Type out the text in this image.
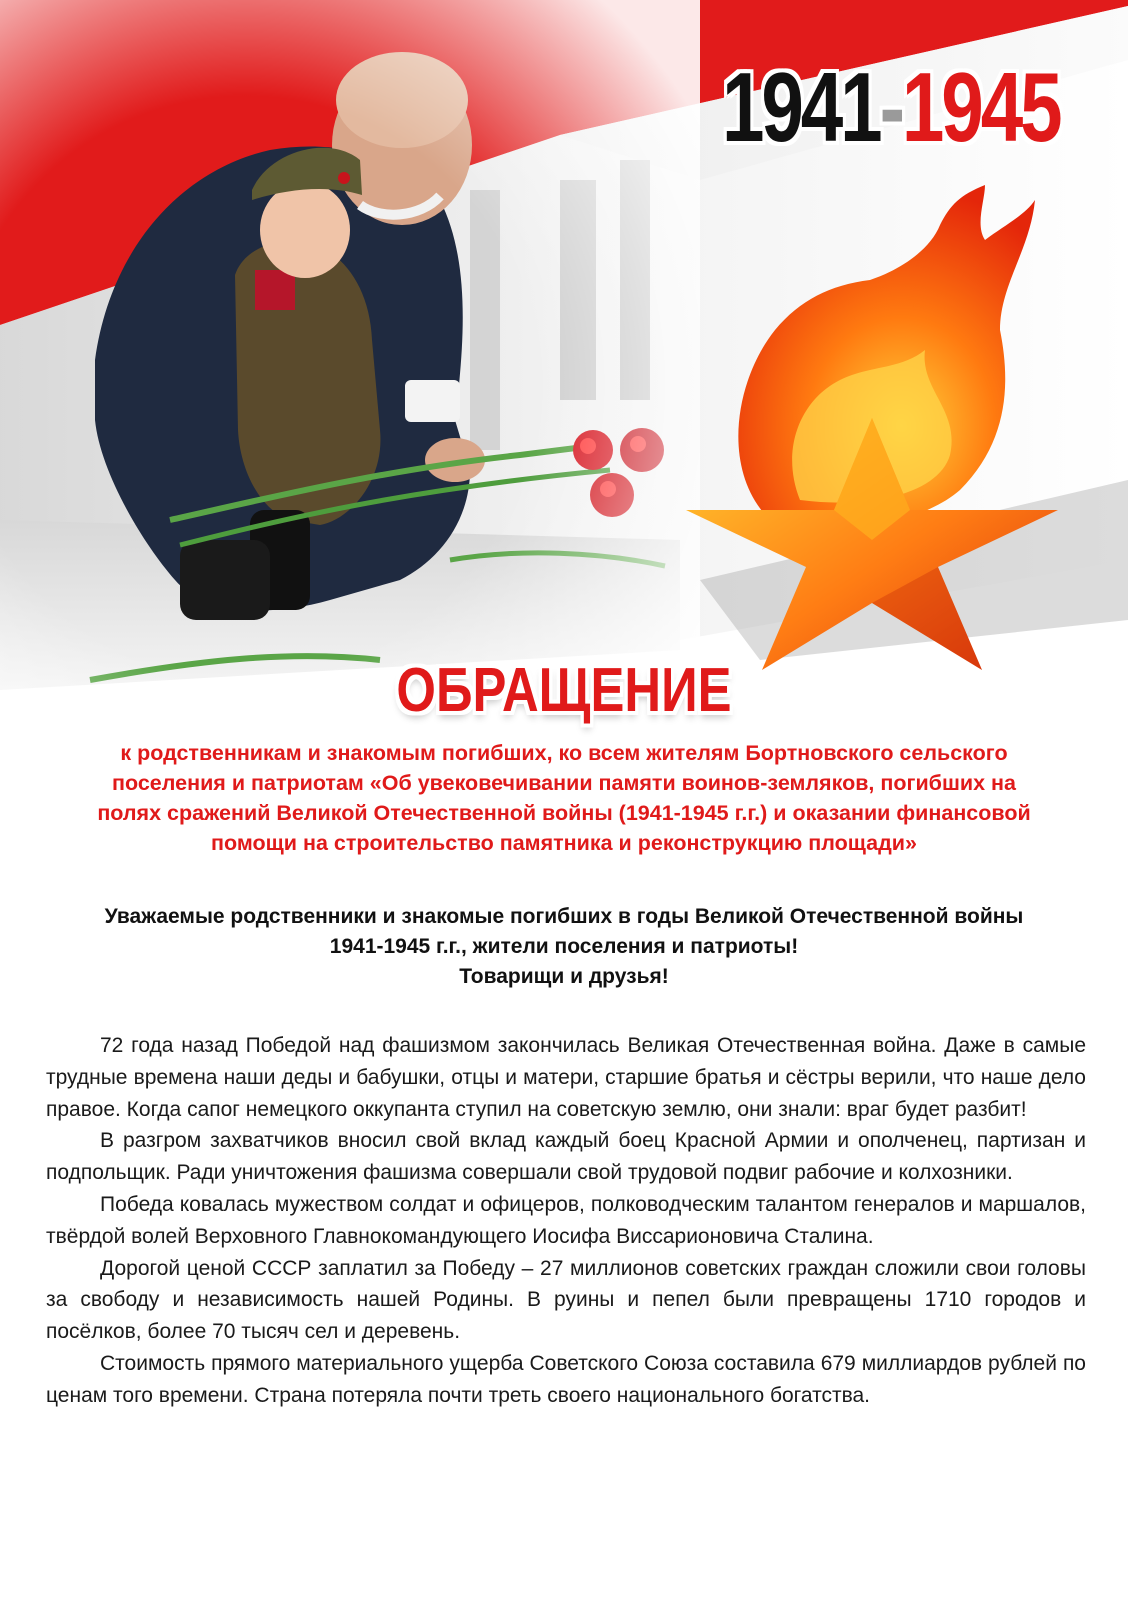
1941-1945
ОБРАЩЕНИЕ
к родственникам и знакомым погибших, ко всем жителям Бортновского сельского
поселения и патриотам «Об увековечивании памяти воинов-земляков, погибших на
полях сражений Великой Отечественной войны (1941-1945 г.г.) и оказании финансовой
помощи на строительство памятника и реконструкцию площади»
Уважаемые родственники и знакомые погибших в годы Великой Отечественной войны
1941-1945 г.г., жители поселения и патриоты!
Товарищи и друзья!

72 года назад Победой над фашизмом закончилась Великая Отечественная война. Даже в самые трудные времена наши деды и бабушки, отцы и матери, старшие братья и сёстры верили, что наше дело правое. Когда сапог немецкого оккупанта ступил на советскую землю, они знали: враг будет разбит!

В разгром захватчиков вносил свой вклад каждый боец Красной Армии и ополченец, партизан и подпольщик. Ради уничтожения фашизма совершали свой трудовой подвиг рабочие и колхозники.

Победа ковалась мужеством солдат и офицеров, полководческим талантом генералов и маршалов, твёрдой волей Верховного Главнокомандующего Иосифа Виссарионовича Сталина.

Дорогой ценой СССР заплатил за Победу – 27 миллионов советских граждан сложили свои головы за свободу и независимость нашей Родины. В руины и пепел были превращены 1710 городов и посёлков, более 70 тысяч сел и деревень.

Стоимость прямого материального ущерба Советского Союза составила 679 миллиардов рублей по ценам того времени. Страна потеряла почти треть своего национального богатства.
